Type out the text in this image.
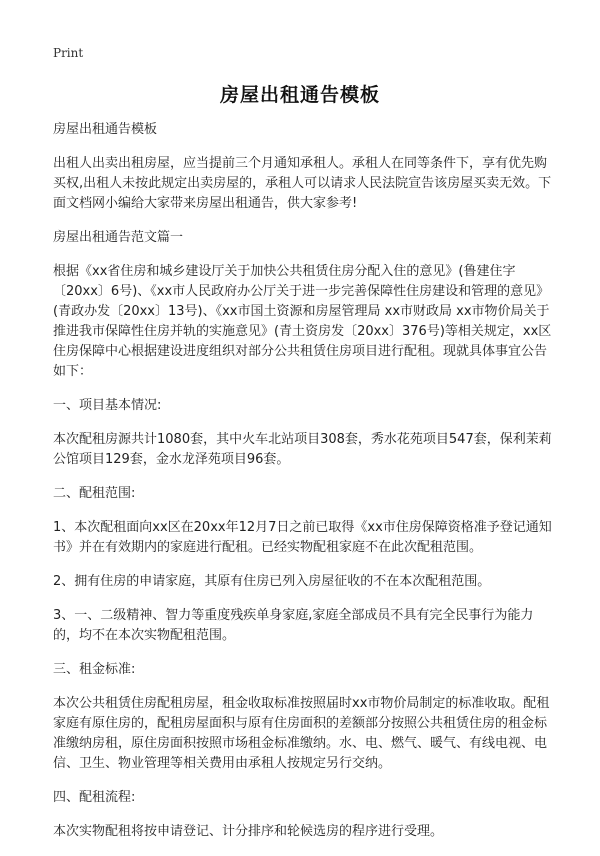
Print
房屋出租通告模板

房屋出租通告模板

出租人出卖出租房屋，应当提前三个月通知承租人。承租人在同等条件下，享有优先购买权,出租人未按此规定出卖房屋的，承租人可以请求人民法院宣告该房屋买卖无效。下面文档网小编给大家带来房屋出租通告，供大家参考!

房屋出租通告范文篇一

根据《xx省住房和城乡建设厅关于加快公共租赁住房分配入住的意见》(鲁建住字〔20xx〕6号)、《xx市人民政府办公厅关于进一步完善保障性住房建设和管理的意见》(青政办发〔20xx〕13号)、《xx市国土资源和房屋管理局 xx市财政局 xx市物价局关于推进我市保障性住房并轨的实施意见》(青土资房发〔20xx〕376号)等相关规定，xx区住房保障中心根据建设进度组织对部分公共租赁住房项目进行配租。现就具体事宜公告如下：

一、项目基本情况:

本次配租房源共计1080套，其中火车北站项目308套，秀水花苑项目547套，保利茉莉公馆项目129套，金水龙泽苑项目96套。

二、配租范围:

1、本次配租面向xx区在20xx年12月7日之前已取得《xx市住房保障资格准予登记通知书》并在有效期内的家庭进行配租。已经实物配租家庭不在此次配租范围。

2、拥有住房的申请家庭，其原有住房已列入房屋征收的不在本次配租范围。

3、一、二级精神、智力等重度残疾单身家庭,家庭全部成员不具有完全民事行为能力的，均不在本次实物配租范围。

三、租金标准:

本次公共租赁住房配租房屋，租金收取标准按照届时xx市物价局制定的标准收取。配租家庭有原住房的，配租房屋面积与原有住房面积的差额部分按照公共租赁住房的租金标准缴纳房租，原住房面积按照市场租金标准缴纳。水、电、燃气、暖气、有线电视、电信、卫生、物业管理等相关费用由承租人按规定另行交纳。

四、配租流程:

本次实物配租将按申请登记、计分排序和轮候选房的程序进行受理。
